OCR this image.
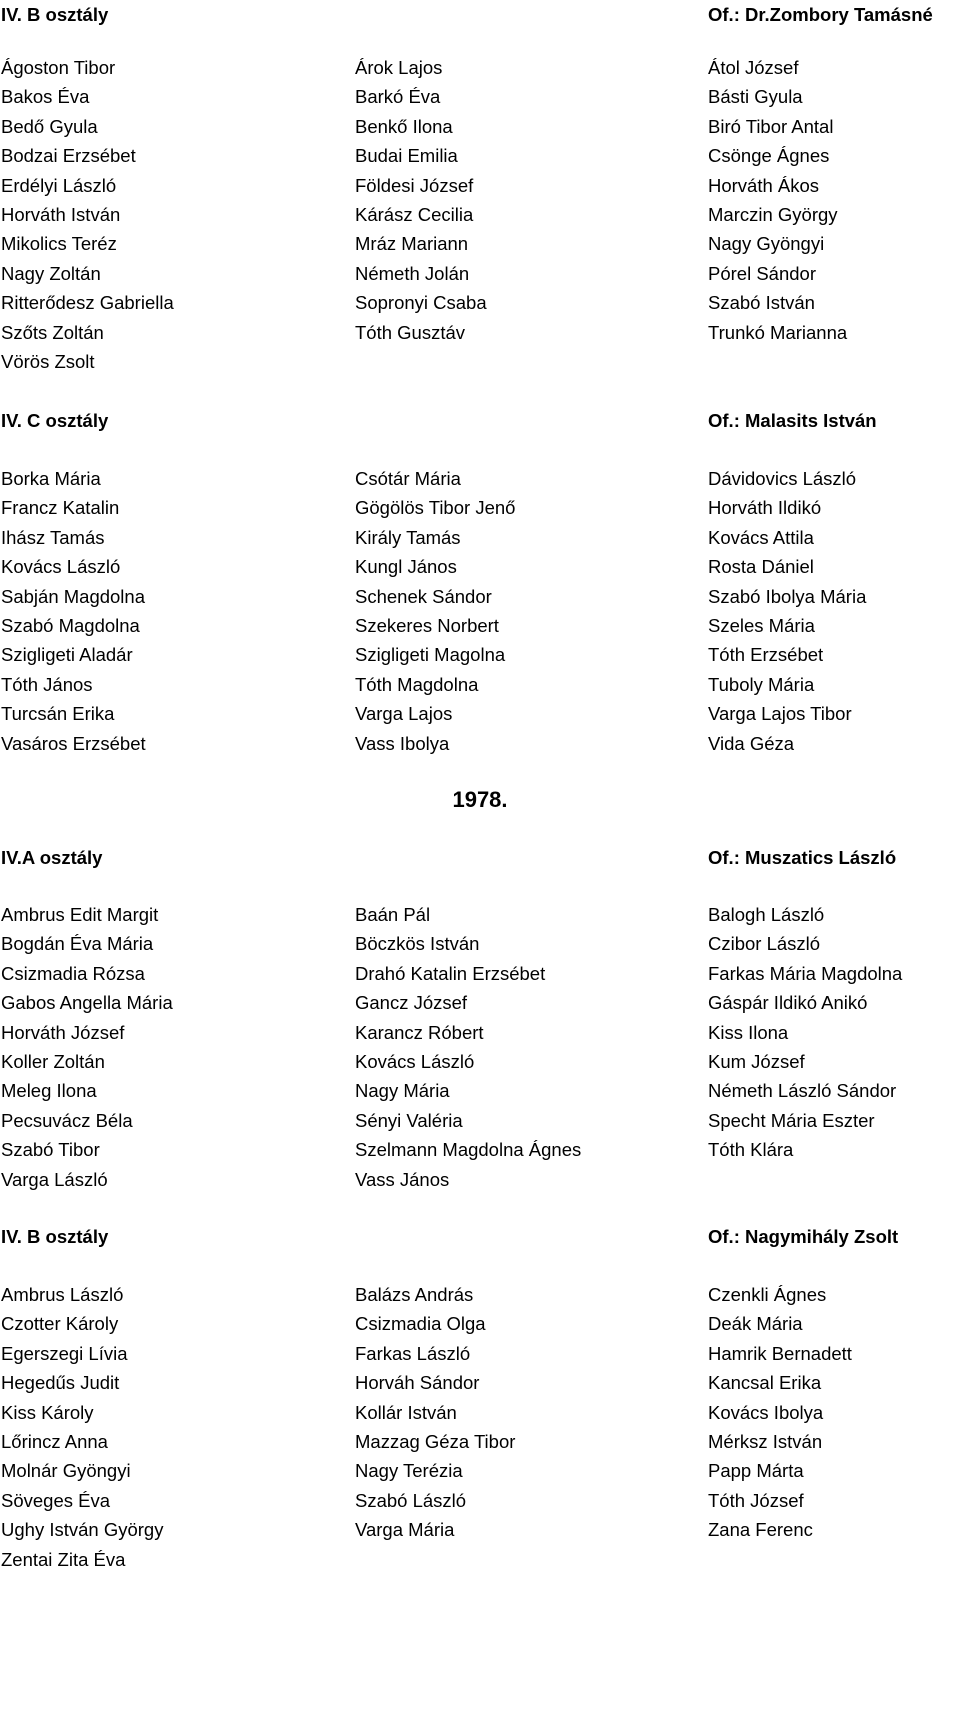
IV. B osztály	Of.: Dr.Zombory Tamásné
Ágoston Tibor	Árok Lajos	Átol József
Bakos Éva	Barkó Éva	Básti Gyula
Bedő Gyula	Benkő Ilona	Biró Tibor Antal
Bodzai Erzsébet	Budai Emilia	Csönge Ágnes
Erdélyi László	Földesi József	Horváth Ákos
Horváth István	Kárász Cecilia	Marczin György
Mikolics Teréz	Mráz Mariann	Nagy Gyöngyi
Nagy Zoltán	Németh Jolán	Pórel Sándor
Ritterődesz Gabriella	Sopronyi Csaba	Szabó István
Szőts Zoltán	Tóth Gusztáv	Trunkó Marianna
Vörös Zsolt
IV. C osztály	Of.: Malasits István
Borka Mária	Csótár Mária	Dávidovics László
Francz Katalin	Gögölös Tibor Jenő	Horváth Ildikó
Ihász Tamás	Király Tamás	Kovács Attila
Kovács László	Kungl János	Rosta Dániel
Sabján Magdolna	Schenek Sándor	Szabó Ibolya Mária
Szabó Magdolna	Szekeres Norbert	Szeles Mária
Szigligeti Aladár	Szigligeti Magolna	Tóth Erzsébet
Tóth János	Tóth Magdolna	Tuboly Mária
Turcsán Erika	Varga Lajos	Varga Lajos Tibor
Vasáros Erzsébet	Vass Ibolya	Vida Géza
1978.
IV.A osztály	Of.: Muszatics László
Ambrus Edit Margit	Baán Pál	Balogh László
Bogdán Éva Mária	Böczkös István	Czibor László
Csizmadia Rózsa	Drahó Katalin Erzsébet	Farkas Mária Magdolna
Gabos Angella Mária	Gancz József	Gáspár Ildikó Anikó
Horváth József	Karancz Róbert	Kiss Ilona
Koller Zoltán	Kovács László	Kum József
Meleg Ilona	Nagy Mária	Németh László Sándor
Pecsuvácz Béla	Sényi Valéria	Specht Mária Eszter
Szabó Tibor	Szelmann Magdolna Ágnes	Tóth Klára
Varga László	Vass János
IV. B osztály	Of.: Nagymihály Zsolt
Ambrus László	Balázs András	Czenkli Ágnes
Czotter Károly	Csizmadia Olga	Deák Mária
Egerszegi Lívia	Farkas László	Hamrik Bernadett
Hegedűs Judit	Horváh Sándor	Kancsal Erika
Kiss Károly	Kollár István	Kovács Ibolya
Lőrincz Anna	Mazzag Géza Tibor	Mérksz István
Molnár Gyöngyi	Nagy Terézia	Papp Márta
Söveges Éva	Szabó László	Tóth József
Ughy István György	Varga Mária	Zana Ferenc
Zentai Zita Éva
